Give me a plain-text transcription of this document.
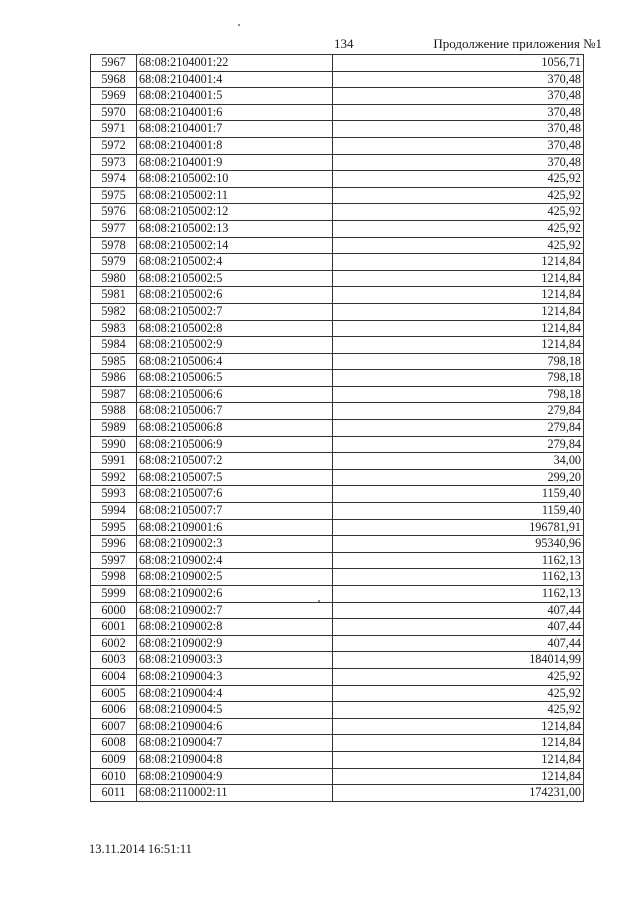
134	Продолжение приложения №1
5967	68:08:2104001:22	1056,71
5968	68:08:2104001:4	370,48
5969	68:08:2104001:5	370,48
5970	68:08:2104001:6	370,48
5971	68:08:2104001:7	370,48
5972	68:08:2104001:8	370,48
5973	68:08:2104001:9	370,48
5974	68:08:2105002:10	425,92
5975	68:08:2105002:11	425,92
5976	68:08:2105002:12	425,92
5977	68:08:2105002:13	425,92
5978	68:08:2105002:14	425,92
5979	68:08:2105002:4	1214,84
5980	68:08:2105002:5	1214,84
5981	68:08:2105002:6	1214,84
5982	68:08:2105002:7	1214,84
5983	68:08:2105002:8	1214,84
5984	68:08:2105002:9	1214,84
5985	68:08:2105006:4	798,18
5986	68:08:2105006:5	798,18
5987	68:08:2105006:6	798,18
5988	68:08:2105006:7	279,84
5989	68:08:2105006:8	279,84
5990	68:08:2105006:9	279,84
5991	68:08:2105007:2	34,00
5992	68:08:2105007:5	299,20
5993	68:08:2105007:6	1159,40
5994	68:08:2105007:7	1159,40
5995	68:08:2109001:6	196781,91
5996	68:08:2109002:3	95340,96
5997	68:08:2109002:4	1162,13
5998	68:08:2109002:5	1162,13
5999	68:08:2109002:6	1162,13
6000	68:08:2109002:7	407,44
6001	68:08:2109002:8	407,44
6002	68:08:2109002:9	407,44
6003	68:08:2109003:3	184014,99
6004	68:08:2109004:3	425,92
6005	68:08:2109004:4	425,92
6006	68:08:2109004:5	425,92
6007	68:08:2109004:6	1214,84
6008	68:08:2109004:7	1214,84
6009	68:08:2109004:8	1214,84
6010	68:08:2109004:9	1214,84
6011	68:08:2110002:11	174231,00
13.11.2014 16:51:11
